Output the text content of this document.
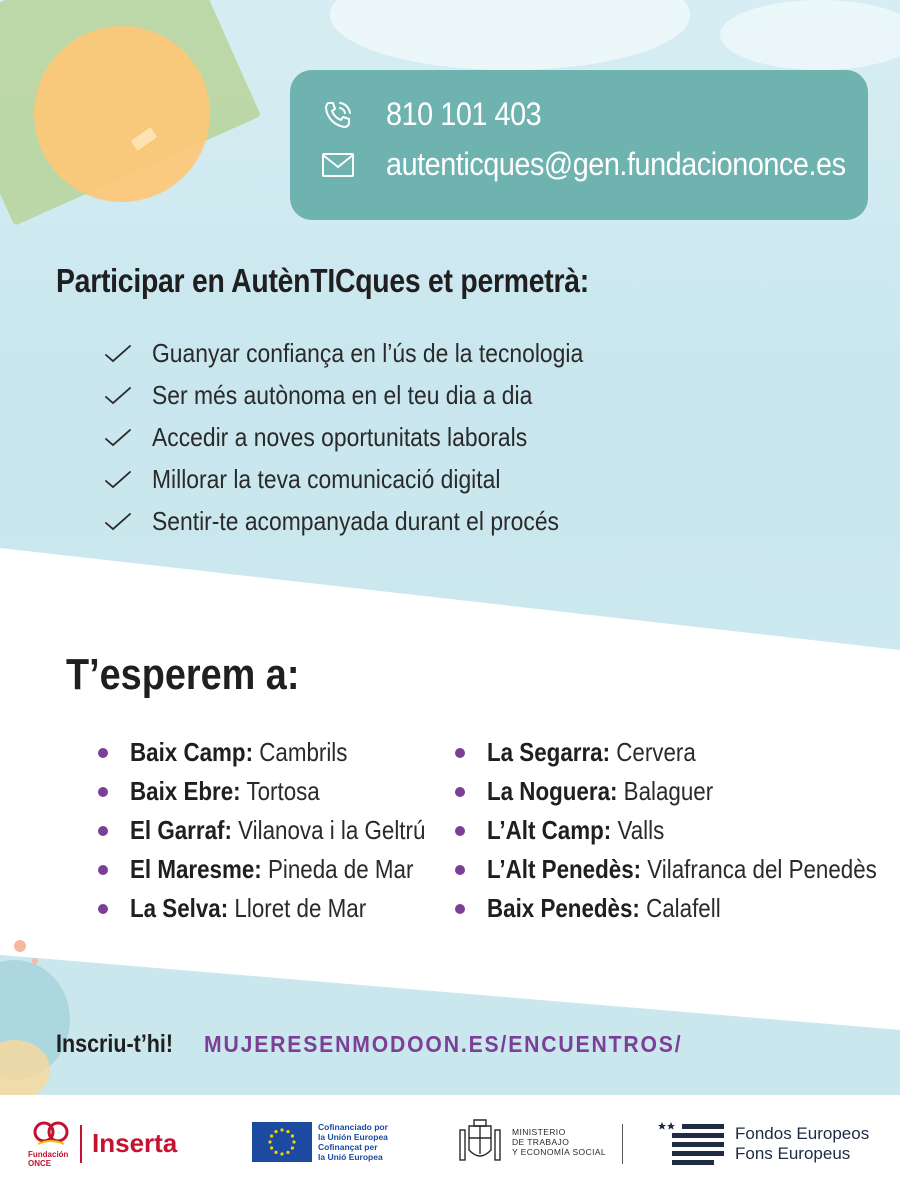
810 101 403
autenticques@gen.fundaciononce.es
Participar en AutènTICques et permetrà:
Guanyar confiança en l’ús de la tecnologia
Ser més autònoma en el teu dia a dia
Accedir a noves oportunitats laborals
Millorar la teva comunicació digital
Sentir-te acompanyada durant el procés
T’esperem a:
Baix Camp: Cambrils
Baix Ebre: Tortosa
El Garraf: Vilanova i la Geltrú
El Maresme: Pineda de Mar
La Selva: Lloret de Mar
La Segarra: Cervera
La Noguera: Balaguer
L’Alt Camp: Valls
L’Alt Penedès: Vilafranca del Penedès
Baix Penedès: Calafell
Inscriu-t’hi! MUJERESENMODOON.ES/ENCUENTROS/
Fundación
ONCE
Inserta
Cofinanciado por
la Unión Europea
Cofinançat per
la Unió Europea
MINISTERIO
DE TRABAJO
Y ECONOMÍA SOCIAL
Fondos Europeos
Fons Europeus
